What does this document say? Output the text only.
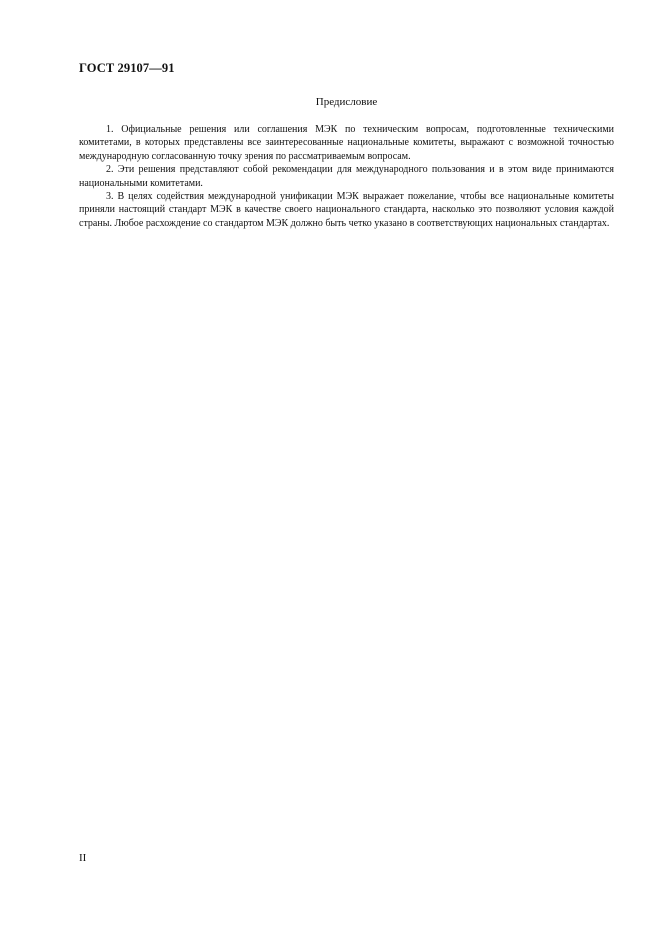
ГОСТ 29107—91
Предисловие

1. Официальные решения или соглашения МЭК по техническим вопросам, подготовленные техническими комитетами, в которых представлены все заинтересованные национальные комитеты, выражают с возможной точностью международную согласованную точку зрения по рассматриваемым вопросам.

2. Эти решения представляют собой рекомендации для международного пользования и в этом виде принимаются национальными комитетами.

3. В целях содействия международной унификации МЭК выражает пожелание, чтобы все национальные комитеты приняли настоящий стандарт МЭК в качестве своего национального стандарта, насколько это позволяют условия каждой страны. Любое расхождение со стандартом МЭК должно быть четко указано в соответствующих национальных стандартах.

II
